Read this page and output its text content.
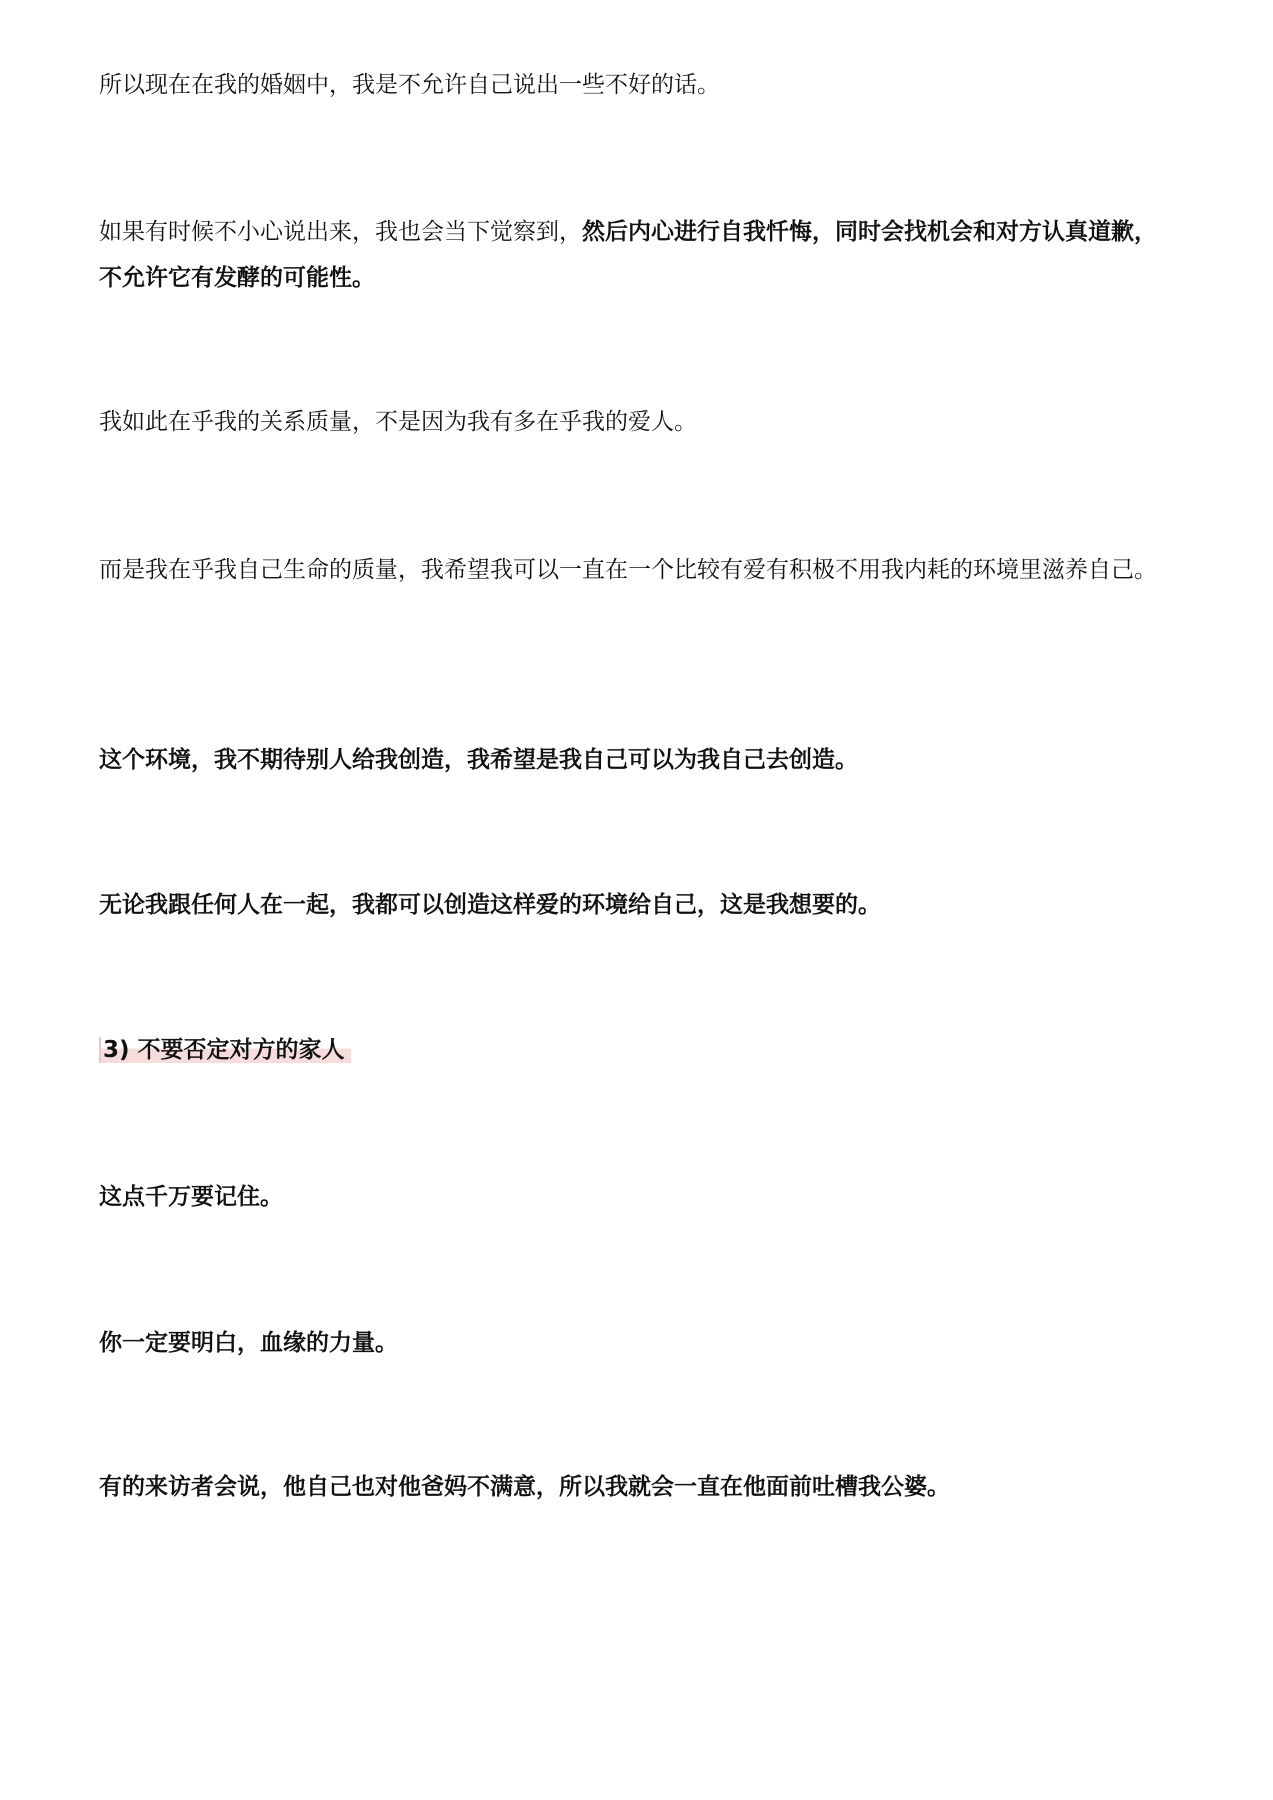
所以现在在我的婚姻中，我是不允许自己说出一些不好的话。

如果有时候不小心说出来，我也会当下觉察到，然后内心进行自我忏悔，同时会找机会和对方认真道歉，不允许它有发酵的可能性。

我如此在乎我的关系质量，不是因为我有多在乎我的爱人。

而是我在乎我自己生命的质量，我希望我可以一直在一个比较有爱有积极不用我内耗的环境里滋养自己。

这个环境，我不期待别人给我创造，我希望是我自己可以为我自己去创造。

无论我跟任何人在一起，我都可以创造这样爱的环境给自己，这是我想要的。

3) 不要否定对方的家人

这点千万要记住。

你一定要明白，血缘的力量。

有的来访者会说，他自己也对他爸妈不满意，所以我就会一直在他面前吐槽我公婆。
